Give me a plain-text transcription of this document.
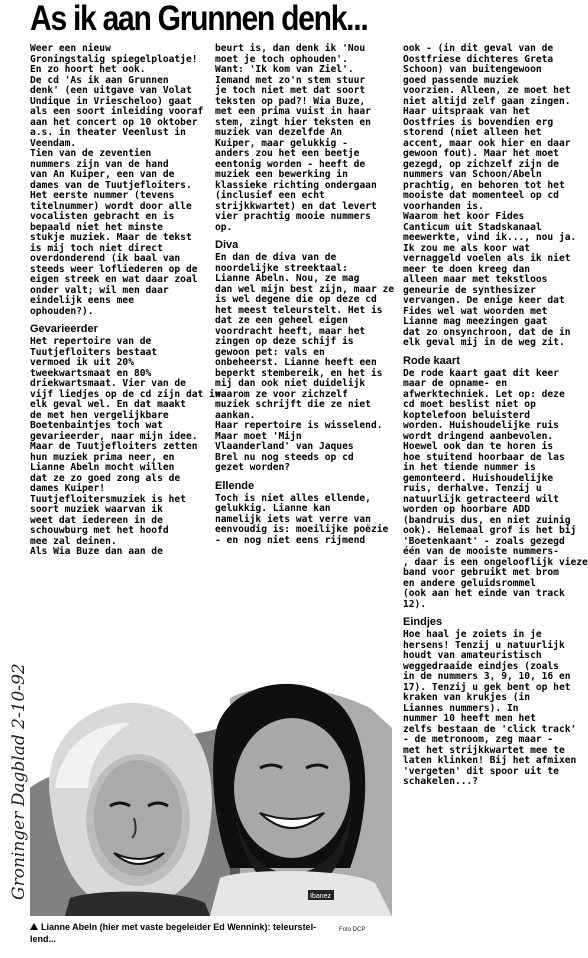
As ik aan Grunnen denk...
Groninger Dagblad 2-10-92

Weer een nieuw
Groningstalig spiegelploatje!
En zo hoort het ook.
De cd 'As ik aan Grunnen
denk' (een uitgave van Volat
Undique in Vriescheloo) gaat
als een soort inleiding vooraf
aan het concert op 10 oktober
a.s. in theater Veenlust in
Veendam.
Tien van de zeventien
nummers zijn van de hand
van An Kuiper, een van de
dames van de Tuutjefloiters.
Het eerste nummer (tevens
titelnummer) wordt door alle
vocalisten gebracht en is
bepaald niet het minste
stukje muziek. Maar de tekst
is mij toch niet direct
overdonderend (ik baal van
steeds weer lofliederen op de
eigen streek en wat daar zoal
onder valt; wil men daar
eindelijk eens mee
ophouden?).

Gevarieerder

Het repertoire van de
Tuutjefloiters bestaat
vermoed ik uit 20%
tweekwartsmaat en 80%
driekwartsmaat. Vier van de
vijf liedjes op de cd zijn dat in
elk geval wel. En dat maakt
de met hen vergelijkbare
Boetenbaintjes toch wat
gevarieerder, naar mijn idee.
Maar de Tuutjefloiters zetten
hun muziek prima neer, en
Lianne Abeln mocht willen
dat ze zo goed zong als de
dames Kuiper!
Tuutjefloitersmuziek is het
soort muziek waarvan ik
weet dat iedereen in de
schouwburg met het hoofd
mee zal deinen.
Als Wia Buze dan aan de

beurt is, dan denk ik 'Nou
moet je toch ophouden'.
Want: 'Ik kom van Ziel'.
Iemand met zo'n stem stuur
je toch niet met dat soort
teksten op pad?! Wia Buze,
met een prima vuist in haar
stem, zingt hier teksten en
muziek van dezelfde An
Kuiper, maar gelukkig -
anders zou het een beetje
eentonig worden - heeft de
muziek een bewerking in
klassieke richting ondergaan
(inclusief een echt
strijkkwartet) en dat levert
vier prachtig mooie nummers
op.

Diva

En dan de diva van de
noordelijke streektaal:
Lianne Abeln. Nou, ze mag
dan wel mijn best zijn, maar ze
is wel degene die op deze cd
het meest teleurstelt. Het is
dat ze een geheel eigen
voordracht heeft, maar het
zingen op deze schijf is
gewoon pet: vals en
onbeheerst. Lianne heeft een
beperkt stembereik, en het is
mij dan ook niet duidelijk
waarom ze voor zichzelf
muziek schrijft die ze niet
aankan.
Haar repertoire is wisselend.
Maar moet 'Mijn
Vlaanderland' van Jaques
Brel nu nog steeds op cd
gezet worden?

Ellende

Toch is niet alles ellende,
gelukkig. Lianne kan
namelijk iets wat verre van
eenvoudig is: moeilijke poëzie
- en nog niet eens rijmend

ook - (in dit geval van de
Oostfriese dichteres Greta
Schoon) van buitengewoon
goed passende muziek
voorzien. Alleen, ze moet het
niet altijd zelf gaan zingen.
Haar uitspraak van het
Oostfries is bovendien erg
storend (niet alleen het
accent, maar ook hier en daar
gewoon fout). Maar het moet
gezegd, op zichzelf zijn de
nummers van Schoon/Abeln
prachtig, en behoren tot het
mooiste dat momenteel op cd
voorhanden is.
Waarom het koor Fides
Canticum uit Stadskanaal
meewerkte, vind ik..., nou ja.
Ik zou me als koor wat
vernaggeld voelen als ik niet
meer te doen kreeg dan
alleen maar met tekstloos
geneurie de synthesizer
vervangen. De enige keer dat
Fides wel wat woorden met
Lianne mag meezingen gaat
dat zo onsynchroon, dat de in
elk geval mij in de weg zit.

Rode kaart

De rode kaart gaat dit keer
maar de opname- en
afwerktechniek. Let op: deze
cd moet beslist niet op
koptelefoon beluisterd
worden. Huishoudelijke ruis
wordt dringend aanbevolen.
Hoewel ook dan te horen is
hoe stuitend hoorbaar de las
in het tiende nummer is
gemonteerd. Huishoudelijke
ruis, derhalve. Tenzij u
natuurlijk getracteerd wilt
worden op hoorbare ADD
(bandruis dus, en niet zuinig
ook). Helemaal grof is het bij
'Boetenkaant' - zoals gezegd
één van de mooiste nummers-
, daar is een ongelooflijk vieze
band voor gebruikt met brom
en andere geluidsrommel
(ook aan het einde van track
12).

Eindjes

Hoe haal je zoiets in je
hersens! Tenzij u natuurlijk
houdt van amateuristisch
weggedraaide eindjes (zoals
in de nummers 3, 9, 10, 16 en
17). Tenzij u gek bent op het
kraken van krukjes (in
Liannes nummers). In
nummer 10 heeft men het
zelfs bestaan de 'click track'
- de metronoom, zeg maar -
met het strijkkwartet mee te
laten klinken! Bij het afmixen
'vergeten' dit spoor uit te
schakelen...?

Ibanez
Foto DCP
Lianne Abeln (hier met vaste begeleider Ed Wennink): teleurstel-
lend...
